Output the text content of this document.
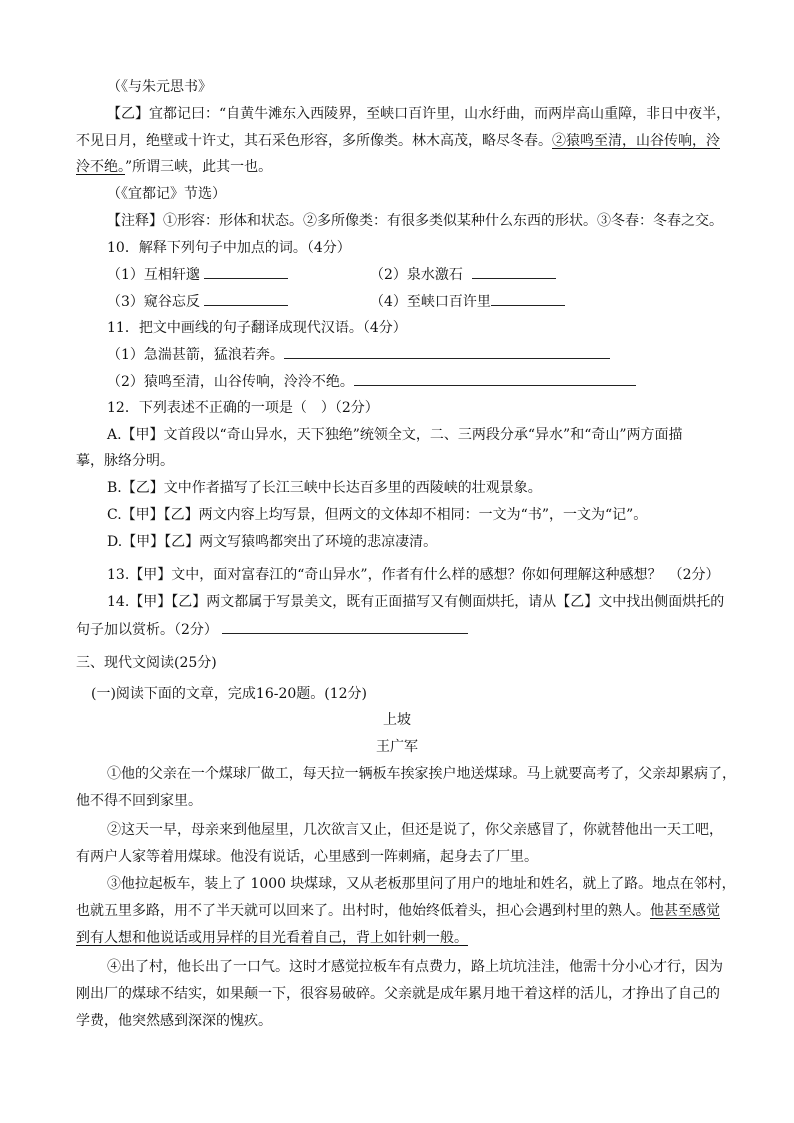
（《与朱元思书》
【乙】宜都记曰：“自黄牛滩东入西陵界，至峡口百许里，山水纡曲，而两岸高山重障，非日中夜半，
不见日月，绝壁或十许丈，其石采色形容，多所像类。林木高茂，略尽冬春。②猿鸣至清，山谷传响，泠
泠不绝。”所谓三峡，此其一也。
（《宜都记》节选）
【注释】①形容：形体和状态。②多所像类：有很多类似某种什么东西的形状。③冬春：冬春之交。
10．解释下列句子中加点的词。（4分）
（1）互相轩邈	（2）泉水激石
（3）窥谷忘反	（4）至峡口百许里
11．把文中画线的句子翻译成现代汉语。（4分）
（1）急湍甚箭，猛浪若奔。
（2）猿鸣至清，山谷传响，泠泠不绝。
12．下列表述不正确的一项是（　）（2分）
A.【甲】文首段以“奇山异水，天下独绝”统领全文，二、三两段分承“异水”和“奇山”两方面描
摹，脉络分明。
B.【乙】文中作者描写了长江三峡中长达百多里的西陵峡的壮观景象。
C.【甲】【乙】两文内容上均写景，但两文的文体却不相同：一文为“书”，一文为“记”。
D.【甲】【乙】两文写猿鸣都突出了环境的悲凉凄清。
13.【甲】文中，面对富春江的“奇山异水”，作者有什么样的感想？你如何理解这种感想？　（2分）
14.【甲】【乙】两文都属于写景美文，既有正面描写又有侧面烘托，请从【乙】文中找出侧面烘托的
句子加以赏析。（2分）
三、现代文阅读(25分)
(一)阅读下面的文章，完成16-20题。(12分)
上坡
王广军
①他的父亲在一个煤球厂做工，每天拉一辆板车挨家挨户地送煤球。马上就要高考了，父亲却累病了，
他不得不回到家里。
②这天一早，母亲来到他屋里，几次欲言又止，但还是说了，你父亲感冒了，你就替他出一天工吧，
有两户人家等着用煤球。他没有说话，心里感到一阵刺痛，起身去了厂里。
③他拉起板车，装上了 1000 块煤球，又从老板那里问了用户的地址和姓名，就上了路。地点在邻村，
也就五里多路，用不了半天就可以回来了。出村时，他始终低着头，担心会遇到村里的熟人。他甚至感觉
到有人想和他说话或用异样的目光看着自己，背上如针刺一般。
④出了村，他长出了一口气。这时才感觉拉板车有点费力，路上坑坑洼洼，他需十分小心才行，因为
刚出厂的煤球不结实，如果颠一下，很容易破碎。父亲就是成年累月地干着这样的活儿，才挣出了自己的
学费，他突然感到深深的愧疚。
